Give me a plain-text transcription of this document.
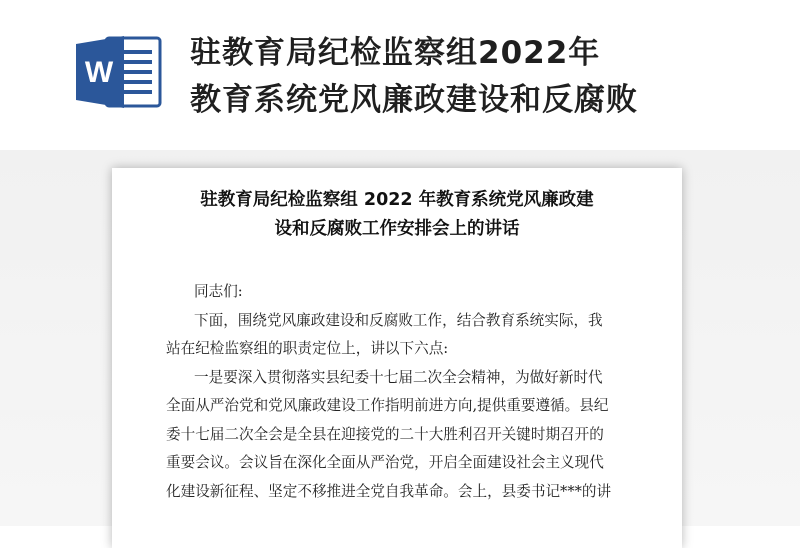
W
驻教育局纪检监察组2022年
教育系统党风廉政建设和反腐败
驻教育局纪检监察组 2022 年教育系统党风廉政建
设和反腐败工作安排会上的讲话

同志们:

下面，围绕党风廉政建设和反腐败工作，结合教育系统实际，我
站在纪检监察组的职责定位上，讲以下六点:

一是要深入贯彻落实县纪委十七届二次全会精神，为做好新时代
全面从严治党和党风廉政建设工作指明前进方向,提供重要遵循。县纪
委十七届二次全会是全县在迎接党的二十大胜利召开关键时期召开的
重要会议。会议旨在深化全面从严治党，开启全面建设社会主义现代
化建设新征程、坚定不移推进全党自我革命。会上，县委书记***的讲
